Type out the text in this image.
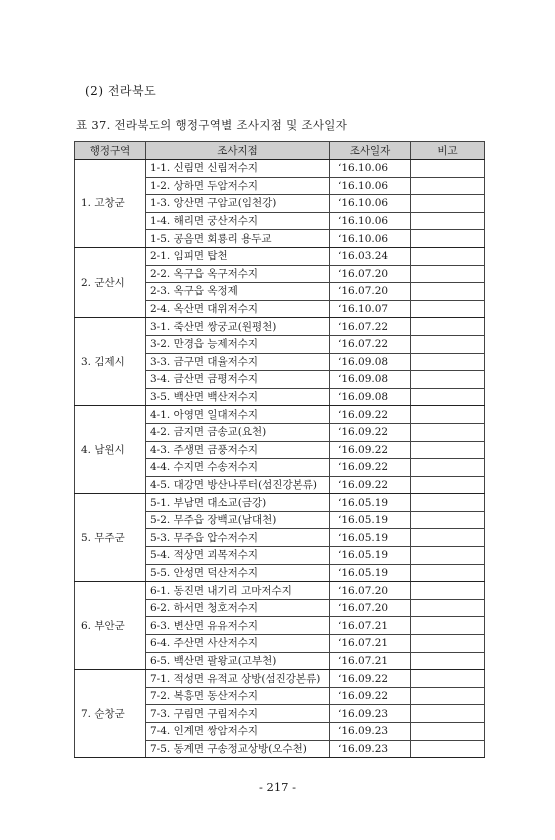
(2) 전라북도
표 37. 전라북도의 행정구역별 조사지점 및 조사일자
행정구역	조사지점	조사일자	비고
1. 고창군	1-1. 신림면 신림저수지	‘16.10.06	
	1-2. 상하면 두암저수지	‘16.10.06	
	1-3. 앙산면 구암교(임천강)	‘16.10.06	
	1-4. 해리면 궁산저수지	‘16.10.06	
	1-5. 공음면 회룡리 용두교	‘16.10.06	
2. 군산시	2-1. 임피면 탑천	‘16.03.24	
	2-2. 옥구읍 옥구저수지	‘16.07.20	
	2-3. 옥구읍 옥정제	‘16.07.20	
	2-4. 옥산면 대위저수지	‘16.10.07	
3. 김제시	3-1. 죽산면 쌍궁교(원평천)	‘16.07.22	
	3-2. 만경읍 능제저수지	‘16.07.22	
	3-3. 금구면 대율저수지	‘16.09.08	
	3-4. 금산면 금평저수지	‘16.09.08	
	3-5. 백산면 백산저수지	‘16.09.08	
4. 남원시	4-1. 아영면 일대저수지	‘16.09.22	
	4-2. 금지면 금송교(요천)	‘16.09.22	
	4-3. 주생면 금풍저수지	‘16.09.22	
	4-4. 수지면 수송저수지	‘16.09.22	
	4-5. 대강면 방산나루터(섬진강본류)	‘16.09.22	
5. 무주군	5-1. 부남면 대소교(금강)	‘16.05.19	
	5-2. 무주읍 장백교(남대천)	‘16.05.19	
	5-3. 무주읍 압수저수지	‘16.05.19	
	5-4. 적상면 괴목저수지	‘16.05.19	
	5-5. 안성면 덕산저수지	‘16.05.19	
6. 부안군	6-1. 동진면 내기리 고마저수지	‘16.07.20	
	6-2. 하서면 청호저수지	‘16.07.20	
	6-3. 변산면 유유저수지	‘16.07.21	
	6-4. 주산면 사산저수지	‘16.07.21	
	6-5. 백산면 팔왕교(고부천)	‘16.07.21	
7. 순창군	7-1. 적성면 유적교 상방(섬진강본류)	‘16.09.22	
	7-2. 복흥면 동산저수지	‘16.09.22	
	7-3. 구림면 구림저수지	‘16.09.23	
	7-4. 인계면 쌍암저수지	‘16.09.23	
	7-5. 동계면 구송정교상방(오수천)	‘16.09.23	
- 217 -
